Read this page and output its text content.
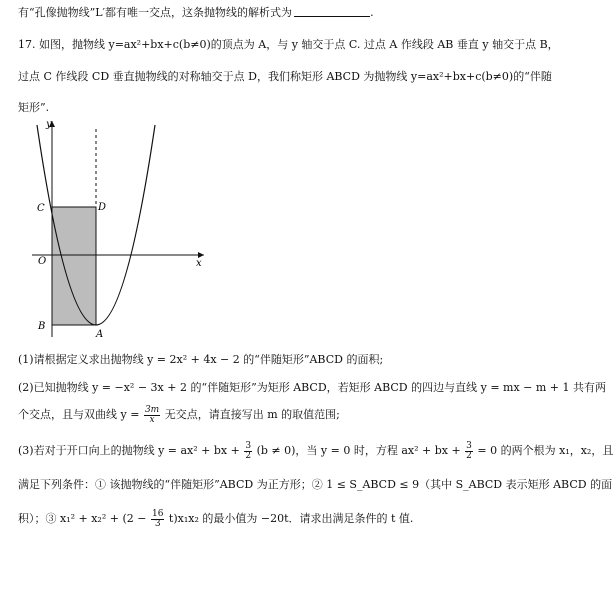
有“孔像抛物线”L′都有唯一交点，这条抛物线的解析式为	.
17. 如图，抛物线 y=ax²+bx+c(b≠0)的顶点为 A，与 y 轴交于点 C. 过点 A 作线段 AB 垂直 y 轴交于点 B，
过点 C 作线段 CD 垂直抛物线的对称轴交于点 D，我们称矩形 ABCD 为抛物线 y=ax²+bx+c(b≠0)的“伴随
矩形”.
y
x
O
C	D
B
A
(1)请根据定义求出抛物线 y = 2x² + 4x − 2 的“伴随矩形”ABCD 的面积;
(2)已知抛物线 y = −x² − 3x + 2 的“伴随矩形”为矩形 ABCD，若矩形 ABCD 的四边与直线 y = mx − m + 1 共有两
个交点，且与双曲线 $y = \frac{3m}{x}$ 无交点，请直接写出 m 的取值范围;
(3)若对于开口向上的抛物线 y = ax² + bx + $\frac{3}{2} (b \ne 0)$，当 y = 0 时，方程 ax² + bx + $\frac{3}{2} = 0$ 的两个根为 x₁，x₂，且
满足下列条件：① 该抛物线的“伴随矩形”ABCD 为正方形；② 1 ≤ S_ABCD ≤ 9（其中 S_ABCD 表示矩形 ABCD 的面
积）；③ $x_1^2 + x_2^2 + (2 - \frac{16}{3} t)x_1x_2$ 的最小值为 −20t．请求出满足条件的 t 值.
